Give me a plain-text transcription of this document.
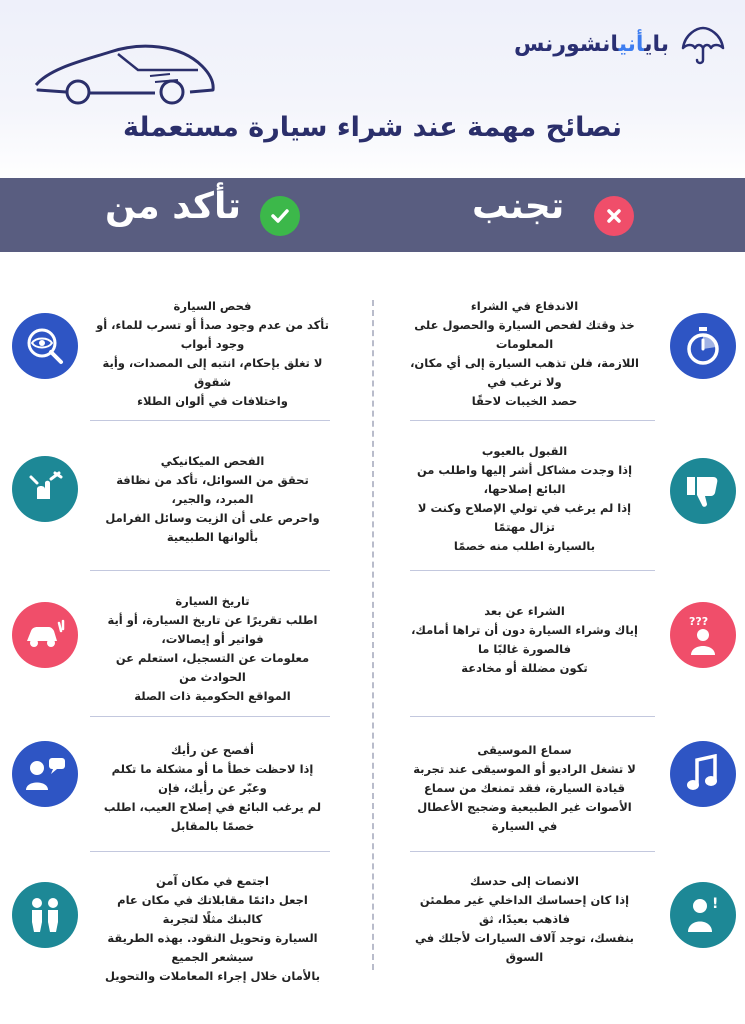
بايأنيانشورنس
نصائح مهمة عند شراء سيارة مستعملة
تأكد من	تجنب
فحص السيارة
تأكد من عدم وجود صدأ أو تسرب للماء، أو وجود أبواب
لا تغلق بإحكام، انتبه إلى المصدات، وأية شقوق
واختلافات في ألوان الطلاء
الفحص الميكانيكي
تحقق من السوائل، تأكد من نظافة
المبرد، والجير،
واحرص على أن الزيت وسائل الفرامل
بألوانها الطبيعية
تاريخ السيارة
اطلب تقريرًا عن تاريخ السيارة، أو أية
فواتير أو إيصالات،
معلومات عن التسجيل، استعلم عن
الحوادث من
المواقع الحكومية ذات الصلة
أفصح عن رأيك
إذا لاحظت خطأ ما أو مشكلة ما تكلم
وعبّر عن رأيك، فإن
لم يرغب البائع في إصلاح العيب، اطلب
خصمًا بالمقابل
اجتمع في مكان آمن
اجعل دائمًا مقابلاتك في مكان عام
كالبنك مثلًا لتجربة
السيارة وتحويل النقود. بهذه الطريقة
سيشعر الجميع
بالأمان خلال إجراء المعاملات والتحويل
الاندفاع في الشراء
خذ وقتك لفحص السيارة والحصول على
المعلومات
اللازمة، فلن تذهب السيارة إلى أي مكان،
ولا ترغب في
حصد الخيبات لاحقًا
القبول بالعيوب
إذا وجدت مشاكل أشر إليها واطلب من
البائع إصلاحها،
إذا لم يرغب في تولي الإصلاح وكنت لا
تزال مهتمًا
بالسيارة اطلب منه خصمًا
الشراء عن بعد
إياك وشراء السيارة دون أن تراها أمامك،
فالصورة غالبًا ما
تكون مضللة أو مخادعة
???
سماع الموسيقى
لا تشغل الراديو أو الموسيقى عند تجربة
قيادة السيارة، فقد تمنعك من سماع
الأصوات غير الطبيعية وضجيج الأعطال
في السيارة
الانصات إلى حدسك
إذا كان إحساسك الداخلي غير مطمئن
فاذهب بعيدًا، ثق
بنفسك، توجد آلاف السيارات لأجلك في
السوق
!
